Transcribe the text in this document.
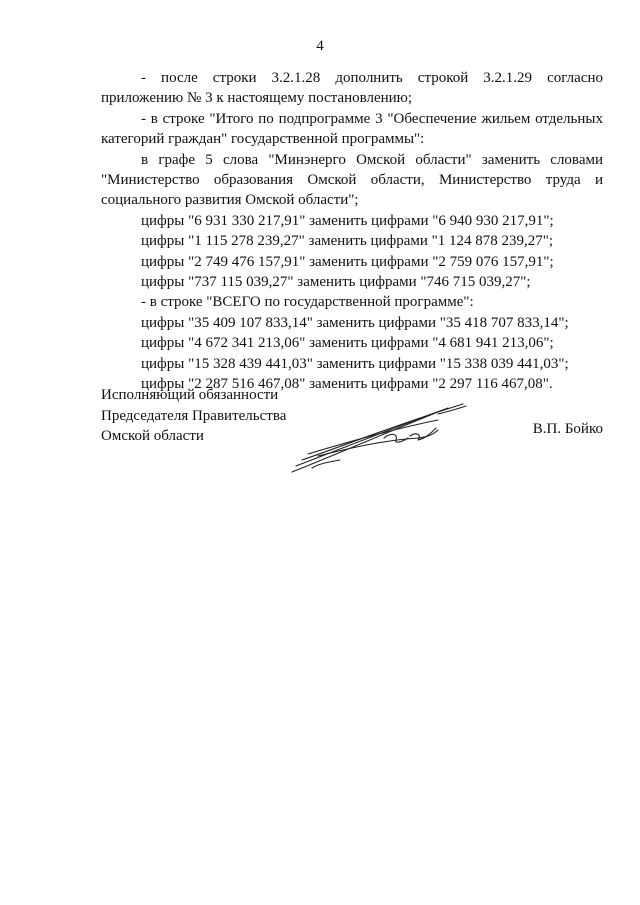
4

- после строки 3.2.1.28 дополнить строкой 3.2.1.29 согласно приложению № 3 к настоящему постановлению;

- в строке "Итого по подпрограмме 3 "Обеспечение жильем отдельных категорий граждан" государственной программы":

в графе 5 слова "Минэнерго Омской области" заменить словами "Министерство образования Омской области, Министерство труда и социального развития Омской области";

цифры "6 931 330 217,91" заменить цифрами "6 940 930 217,91";

цифры "1 115 278 239,27" заменить цифрами "1 124 878 239,27";

цифры "2 749 476 157,91" заменить цифрами "2 759 076 157,91";

цифры "737 115 039,27" заменить цифрами "746 715 039,27";

- в строке "ВСЕГО по государственной программе":

цифры "35 409 107 833,14" заменить цифрами "35 418 707 833,14";

цифры "4 672 341 213,06" заменить цифрами "4 681 941 213,06";

цифры "15 328 439 441,03" заменить цифрами "15 338 039 441,03";

цифры "2 287 516 467,08" заменить цифрами "2 297 116 467,08".

Исполняющий обязанности

Председателя Правительства

Омской области	В.П. Бойко
